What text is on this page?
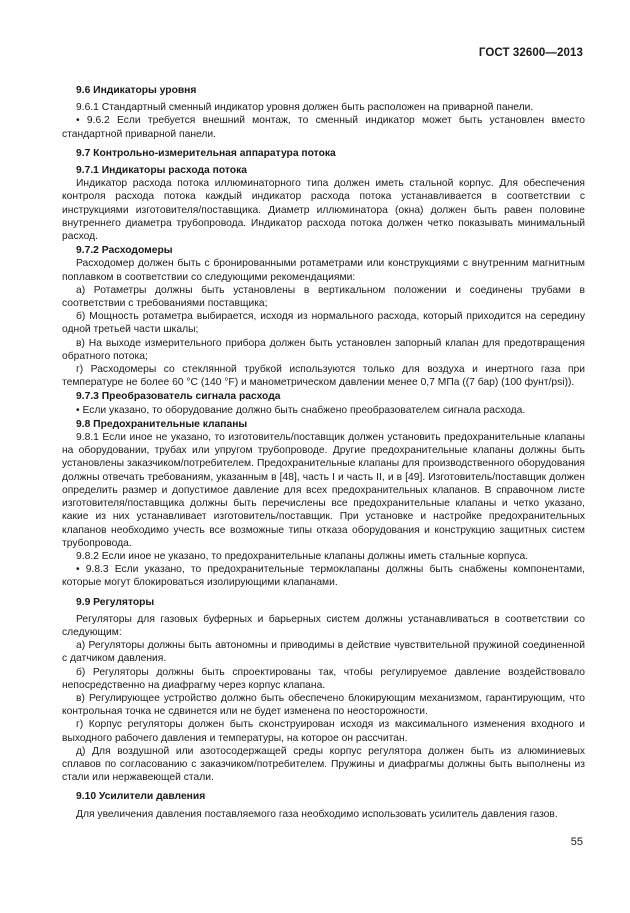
ГОСТ 32600—2013
9.6 Индикаторы уровня

9.6.1 Стандартный сменный индикатор уровня должен быть расположен на приварной панели.

• 9.6.2 Если требуется внешний монтаж, то сменный индикатор может быть установлен вместо стандартной приварной панели.

9.7 Контрольно-измерительная аппаратура потока
9.7.1 Индикаторы расхода потока

Индикатор расхода потока иллюминаторного типа должен иметь стальной корпус. Для обеспечения контроля расхода потока каждый индикатор расхода потока устанавливается в соответствии с инструкциями изготовителя/поставщика. Диаметр иллюминатора (окна) должен быть равен половине внутреннего диаметра трубопровода. Индикатор расхода потока должен четко показывать минимальный расход.

9.7.2 Расходомеры

Расходомер должен быть с бронированными ротаметрами или конструкциями с внутренним магнитным поплавком в соответствии со следующими рекомендациями:

а) Ротаметры должны быть установлены в вертикальном положении и соединены трубами в соответствии с требованиями поставщика;

б) Мощность ротаметра выбирается, исходя из нормального расхода, который приходится на середину одной третьей части шкалы;

в) На выходе измерительного прибора должен быть установлен запорный клапан для предотвращения обратного потока;

г) Расходомеры со стеклянной трубкой используются только для воздуха и инертного газа при температуре не более 60 °С (140 °F) и манометрическом давлении менее 0,7 МПа ((7 бар) (100 фунт/psi)).

9.7.3 Преобразователь сигнала расхода

• Если указано, то оборудование должно быть снабжено преобразователем сигнала расхода.

9.8 Предохранительные клапаны

9.8.1 Если иное не указано, то изготовитель/поставщик должен установить предохранительные клапаны на оборудовании, трубах или упругом трубопроводе. Другие предохранительные клапаны должны быть установлены заказчиком/потребителем. Предохранительные клапаны для производственного оборудования должны отвечать требованиям, указанным в [48], часть I и часть II, и в [49]. Изготовитель/поставщик должен определить размер и допустимое давление для всех предохранительных клапанов. В справочном листе изготовителя/поставщика должны быть перечислены все предохранительные клапаны и четко указано, какие из них устанавливает изготовитель/поставщик. При установке и настройке предохранительных клапанов необходимо учесть все возможные типы отказа оборудования и конструкцию защитных систем трубопровода.

9.8.2 Если иное не указано, то предохранительные клапаны должны иметь стальные корпуса.

• 9.8.3 Если указано, то предохранительные термоклапаны должны быть снабжены компонентами, которые могут блокироваться изолирующими клапанами.

9.9 Регуляторы

Регуляторы для газовых буферных и барьерных систем должны устанавливаться в соответствии со следующим:

а) Регуляторы должны быть автономны и приводимы в действие чувствительной пружиной соединенной с датчиком давления.

б) Регуляторы должны быть спроектированы так, чтобы регулируемое давление воздействовало непосредственно на диафрагму через корпус клапана.

в) Регулирующее устройство должно быть обеспечено блокирующим механизмом, гарантирующим, что контрольная точка не сдвинется или не будет изменена по неосторожности.

г) Корпус регуляторы должен быть сконструирован исходя из максимального изменения входного и выходного рабочего давления и температуры, на которое он рассчитан.

д) Для воздушной или азотосодержащей среды корпус регулятора должен быть из алюминиевых сплавов по согласованию с заказчиком/потребителем. Пружины и диафрагмы должны быть выполнены из стали или нержавеющей стали.

9.10 Усилители давления

Для увеличения давления поставляемого газа необходимо использовать усилитель давления газов.

55
